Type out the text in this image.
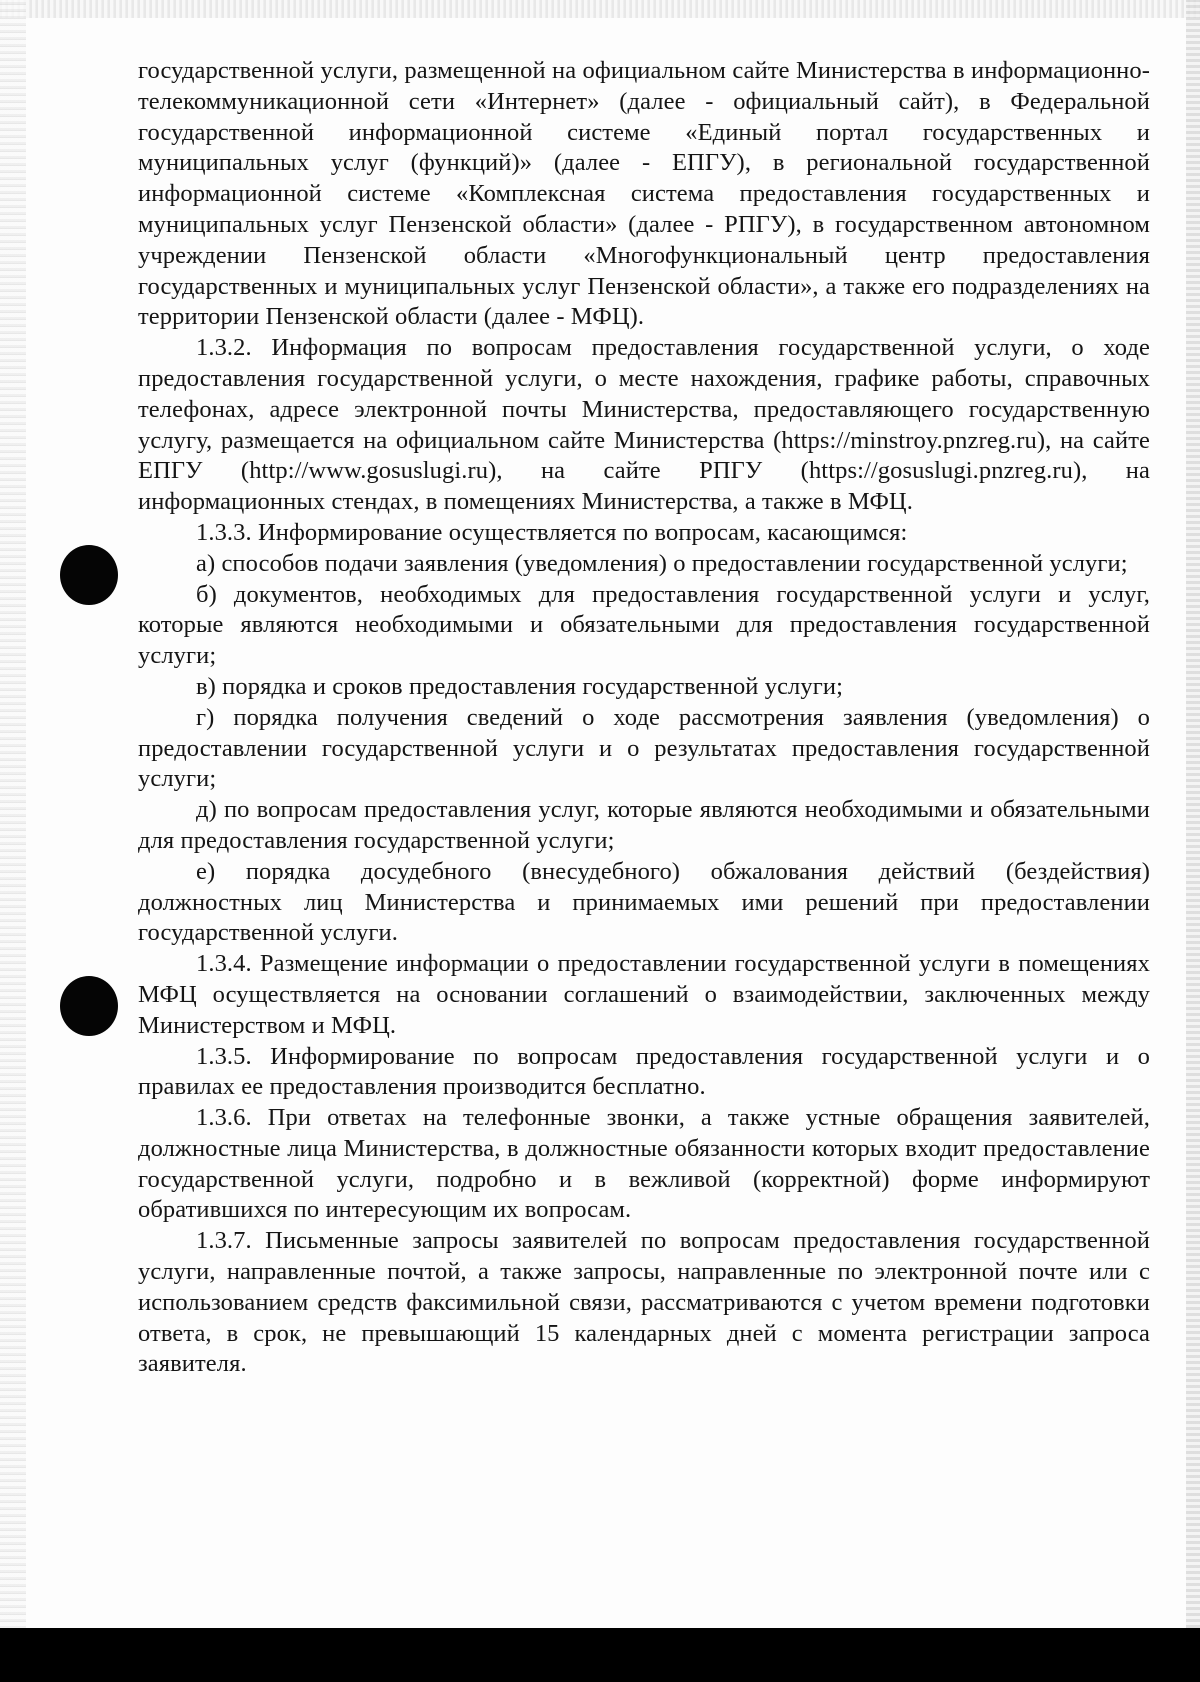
государственной услуги, размещенной на официальном сайте Министерства в информационно-телекоммуникационной сети «Интернет» (далее - официальный сайт), в Федеральной государственной информационной системе «Единый портал государственных и муниципальных услуг (функций)» (далее - ЕПГУ), в региональной государственной информационной системе «Комплексная система предоставления государственных и муниципальных услуг Пензенской области» (далее - РПГУ), в государственном автономном учреждении Пензенской области «Многофункциональный центр предоставления государственных и муниципальных услуг Пензенской области», а также его подразделениях на территории Пензенской области (далее - МФЦ).

1.3.2. Информация по вопросам предоставления государственной услуги, о ходе предоставления государственной услуги, о месте нахождения, графике работы, справочных телефонах, адресе электронной почты Министерства, предоставляющего государственную услугу, размещается на официальном сайте Министерства (https://minstroy.pnzreg.ru), на сайте ЕПГУ (http://www.gosuslugi.ru), на сайте РПГУ (https://gosuslugi.pnzreg.ru), на информационных стендах, в помещениях Министерства, а также в МФЦ.

1.3.3. Информирование осуществляется по вопросам, касающимся:

а) способов подачи заявления (уведомления) о предоставлении государственной услуги;

б) документов, необходимых для предоставления государственной услуги и услуг, которые являются необходимыми и обязательными для предоставления государственной услуги;

в) порядка и сроков предоставления государственной услуги;

г) порядка получения сведений о ходе рассмотрения заявления (уведомления) о предоставлении государственной услуги и о результатах предоставления государственной услуги;

д) по вопросам предоставления услуг, которые являются необходимыми и обязательными для предоставления государственной услуги;

е) порядка досудебного (внесудебного) обжалования действий (бездействия) должностных лиц Министерства и принимаемых ими решений при предоставлении государственной услуги.

1.3.4. Размещение информации о предоставлении государственной услуги в помещениях МФЦ осуществляется на основании соглашений о взаимодействии, заключенных между Министерством и МФЦ.

1.3.5. Информирование по вопросам предоставления государственной услуги и о правилах ее предоставления производится бесплатно.

1.3.6. При ответах на телефонные звонки, а также устные обращения заявителей, должностные лица Министерства, в должностные обязанности которых входит предоставление государственной услуги, подробно и в вежливой (корректной) форме информируют обратившихся по интересующим их вопросам.

1.3.7. Письменные запросы заявителей по вопросам предоставления государственной услуги, направленные почтой, а также запросы, направленные по электронной почте или с использованием средств факсимильной связи, рассматриваются с учетом времени подготовки ответа, в срок, не превышающий 15 календарных дней с момента регистрации запроса заявителя.
